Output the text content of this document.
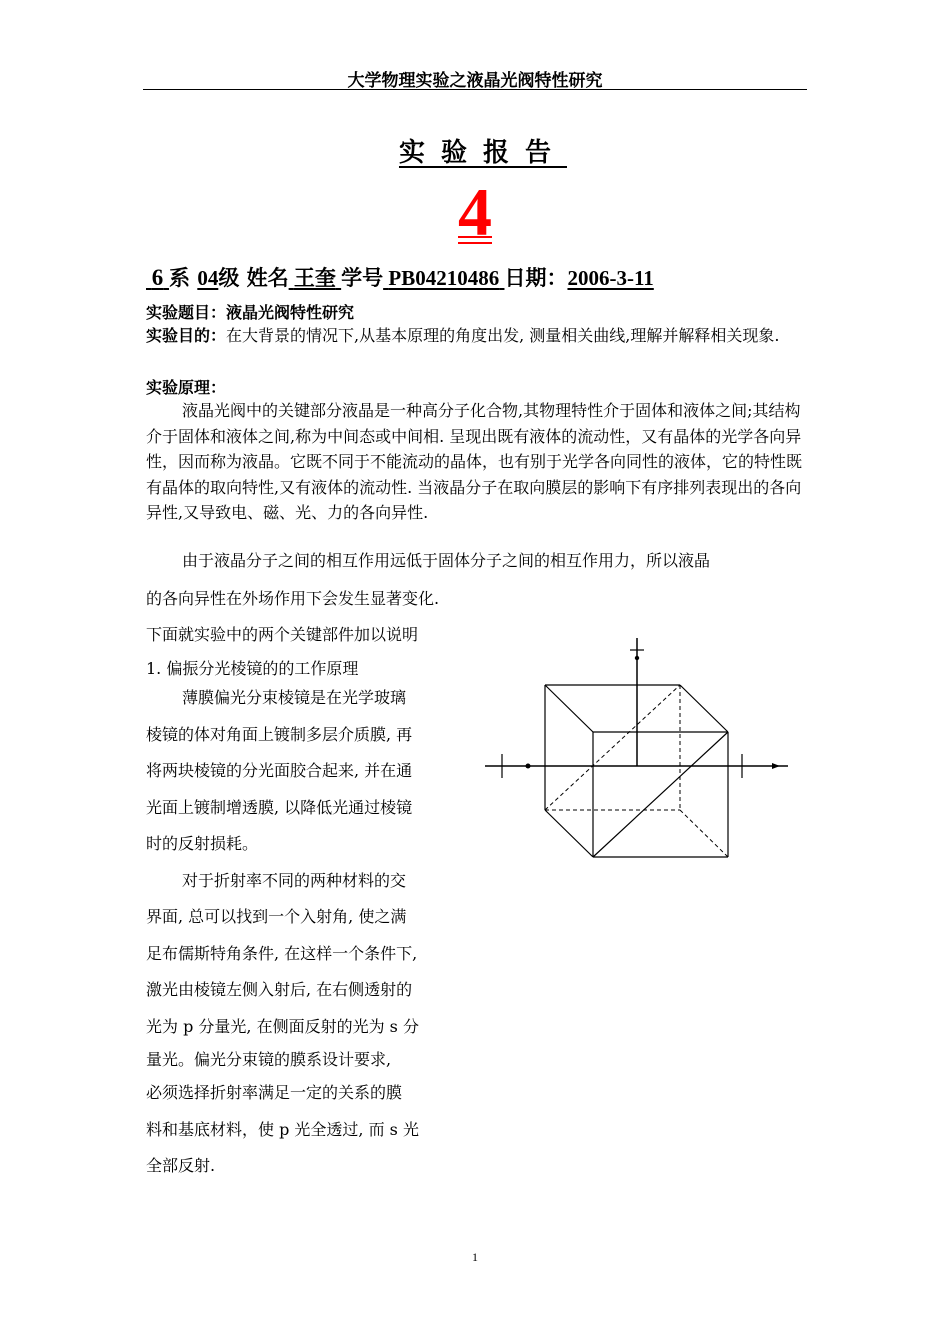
大学物理实验之液晶光阀特性研究
实验报告
4
6 系 04级 姓名 王奎 学号 PB04210486 日期：2006-3-11
实验题目：液晶光阀特性研究
实验目的：在大背景的情况下,从基本原理的角度出发, 测量相关曲线,理解并解释相关现象.
实验原理：
液晶光阀中的关键部分液晶是一种高分子化合物,其物理特性介于固体和液体之间;其结构介于固体和液体之间,称为中间态或中间相. 呈现出既有液体的流动性，又有晶体的光学各向异性，因而称为液晶。它既不同于不能流动的晶体，也有别于光学各向同性的液体，它的特性既有晶体的取向特性,又有液体的流动性. 当液晶分子在取向膜层的影响下有序排列表现出的各向异性,又导致电、磁、光、力的各向异性.
由于液晶分子之间的相互作用远低于固体分子之间的相互作用力，所以液晶
的各向异性在外场作用下会发生显著变化.
下面就实验中的两个关键部件加以说明
1. 偏振分光棱镜的的工作原理
薄膜偏光分束棱镜是在光学玻璃
棱镜的体对角面上镀制多层介质膜, 再
将两块棱镜的分光面胶合起来, 并在通
光面上镀制增透膜, 以降低光通过棱镜
时的反射损耗。
对于折射率不同的两种材料的交
界面, 总可以找到一个入射角, 使之满
足布儒斯特角条件, 在这样一个条件下,
激光由棱镜左侧入射后, 在右侧透射的
光为 p 分量光, 在侧面反射的光为 s 分
量光。偏光分束镜的膜系设计要求,
必须选择折射率满足一定的关系的膜
料和基底材料，使 p 光全透过, 而 s 光
全部反射.
1
